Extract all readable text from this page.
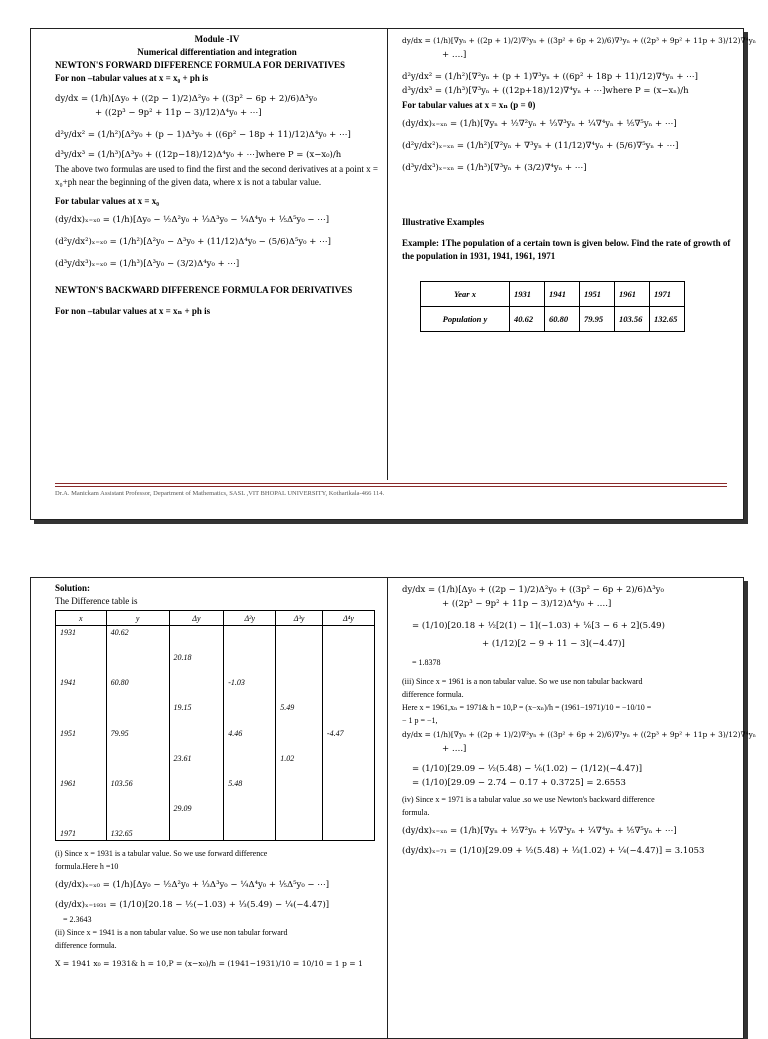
Module -IV

Numerical differentiation and integration

NEWTON'S FORWARD DIFFERENCE FORMULA FOR DERIVATIVES

For non –tabular values at x = x₀ + ph is

dy/dx = (1/h)[Δy₀ + ((2p − 1)/2)Δ²y₀ + ((3p² − 6p + 2)/6)Δ³y₀

+ ((2p³ − 9p² + 11p − 3)/12)Δ⁴y₀ + ⋯]

d²y/dx² = (1/h²)[Δ²y₀ + (p − 1)Δ³y₀ + ((6p² − 18p + 11)/12)Δ⁴y₀ + ⋯]

d³y/dx³ = (1/h³)[Δ³y₀ + ((12p−18)/12)Δ⁴y₀ + ⋯]where P = (x−x₀)/h

The above two formulas are used to find the first and the second derivatives at a point x = x₀+ph near the beginning of the given data, where x is not a tabular value.

For tabular values at x = x₀

(dy/dx)ₓ₌ₓ₀ = (1/h)[Δy₀ − ½Δ²y₀ + ⅓Δ³y₀ − ¼Δ⁴y₀ + ⅕Δ⁵y₀ − ⋯]

(d²y/dx²)ₓ₌ₓ₀ = (1/h²)[Δ²y₀ − Δ³y₀ + (11/12)Δ⁴y₀ − (5/6)Δ⁵y₀ + ⋯]

(d³y/dx³)ₓ₌ₓ₀ = (1/h³)[Δ³y₀ − (3/2)Δ⁴y₀ + ⋯]

NEWTON'S BACKWARD DIFFERENCE FORMULA FOR DERIVATIVES

For non –tabular values at x = xₙ + ph is

dy/dx = (1/h)[∇yₙ + ((2p + 1)/2)∇²yₙ + ((3p² + 6p + 2)/6)∇³yₙ + ((2p³ + 9p² + 11p + 3)/12)∇⁴yₙ

+ ….]

d²y/dx² = (1/h²)[∇²yₙ + (p + 1)∇³yₙ + ((6p² + 18p + 11)/12)∇⁴yₙ + ⋯]

d³y/dx³ = (1/h³)[∇³yₙ + ((12p+18)/12)∇⁴yₙ + ⋯]where P = (x−xₙ)/h

For tabular values at x = xₙ (p = 0)

(dy/dx)ₓ₌ₓₙ = (1/h)[∇yₙ + ½∇²yₙ + ⅓∇³yₙ + ¼∇⁴yₙ + ⅕∇⁵yₙ + ⋯]

(d²y/dx²)ₓ₌ₓₙ = (1/h²)[∇²yₙ + ∇³yₙ + (11/12)∇⁴yₙ + (5/6)∇⁵yₙ + ⋯]

(d³y/dx³)ₓ₌ₓₙ = (1/h³)[∇³yₙ + (3/2)∇⁴yₙ + ⋯]

Illustrative Examples

Example: 1The population of a certain town is given below. Find the rate of growth of the population in 1931, 1941, 1961, 1971

Year x	1931	1941	1951	1961	1971
Population y	40.62	60.80	79.95	103.56	132.65
Dr.A. Manickam Assistant Professor, Department of Mathematics, SASL ,VIT BHOPAL UNIVERSITY, Kotharikala-466 114.

Solution:

The Difference table is

x	y	Δy	Δ²y	Δ³y	Δ⁴y
1931	40.62				

		20.18			

1941	60.80		-1.03		

		19.15		5.49	

1951	79.95		4.46		-4.47

		23.61		1.02	

1961	103.56		5.48		

		29.09			

1971	132.65				

(i) Since x = 1931 is a tabular value. So we use forward difference

formula.Here h =10

(dy/dx)ₓ₌ₓ₀ = (1/h)[Δy₀ − ½Δ²y₀ + ⅓Δ³y₀ − ¼Δ⁴y₀ + ⅕Δ⁵y₀ − ⋯]

(dy/dx)ₓ₌₁₉₃₁ = (1/10)[20.18 − ½(−1.03) + ⅓(5.49) − ¼(−4.47)]

= 2.3643

(ii) Since x = 1941 is a non tabular value. So we use non tabular forward

difference formula.

X = 1941 x₀ = 1931& h = 10,P = (x−x₀)/h = (1941−1931)/10 = 10/10 = 1 p = 1

dy/dx = (1/h)[Δy₀ + ((2p − 1)/2)Δ²y₀ + ((3p² − 6p + 2)/6)Δ³y₀

+ ((2p³ − 9p² + 11p − 3)/12)Δ⁴y₀ + ….]

= (1/10)[20.18 + ½[2(1) − 1](−1.03) + ⅙[3 − 6 + 2](5.49)

+ (1/12)[2 − 9 + 11 − 3](−4.47)]

= 1.8378

(iii) Since x = 1961 is a non tabular value. So we use non tabular backward

difference formula.

Here x = 1961,xₙ = 1971& h = 10,P = (x−xₙ)/h = (1961−1971)/10 = −10/10 =

− 1 p = −1,

dy/dx = (1/h)[∇yₙ + ((2p + 1)/2)∇²yₙ + ((3p² + 6p + 2)/6)∇³yₙ + ((2p³ + 9p² + 11p + 3)/12)∇⁴yₙ

+ ….]

= (1/10)[29.09 − ½(5.48) − ⅙(1.02) − (1/12)(−4.47)]

= (1/10)[29.09 − 2.74 − 0.17 + 0.3725] = 2.6553

(iv) Since x = 1971 is a tabular value .so we use Newton's backward difference

formula.

(dy/dx)ₓ₌ₓₙ = (1/h)[∇yₙ + ½∇²yₙ + ⅓∇³yₙ + ¼∇⁴yₙ + ⅕∇⁵yₙ + ⋯]

(dy/dx)ₓ₌₇₁ = (1/10)[29.09 + ½(5.48) + ⅓(1.02) + ¼(−4.47)] = 3.1053
